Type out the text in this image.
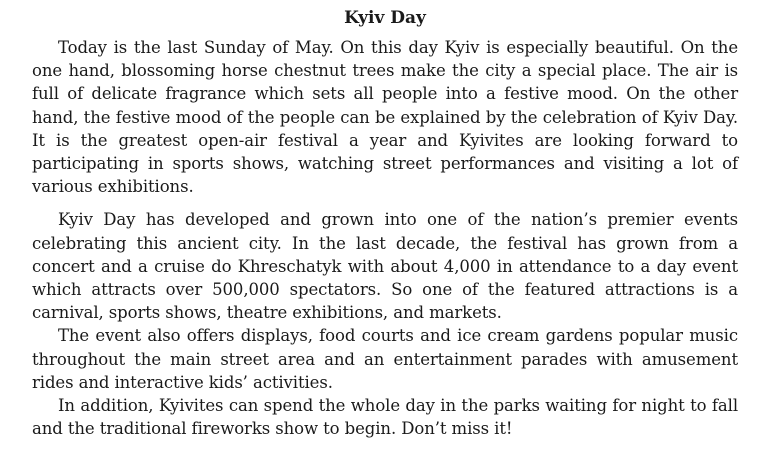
Kyiv Day

Today is the last Sunday of May. On this day Kyiv is especially beautiful. On the one hand, blossoming horse chestnut trees make the city a special place. The air is full of delicate fragrance which sets all people into a festive mood. On the other hand, the festive mood of the people can be explained by the celebration of Kyiv Day. It is the greatest open-air festival a year and Kyivites are looking forward to participating in sports shows, watching street performances and visiting a lot of various exhibitions.

Kyiv Day has developed and grown into one of the nation’s premier events celebrating this ancient city. In the last decade, the festival has grown from a concert and a cruise do Khreschatyk with about 4,000 in attendance to a day event which attracts over 500,000 spectators. So one of the featured attractions is a carnival, sports shows, theatre exhibitions, and markets.

The event also offers displays, food courts and ice cream gardens popular music throughout the main street area and an entertainment parades with amusement rides and interactive kids’ activities.

In addition, Kyivites can spend the whole day in the parks waiting for night to fall and the traditional fireworks show to begin. Don’t miss it!
